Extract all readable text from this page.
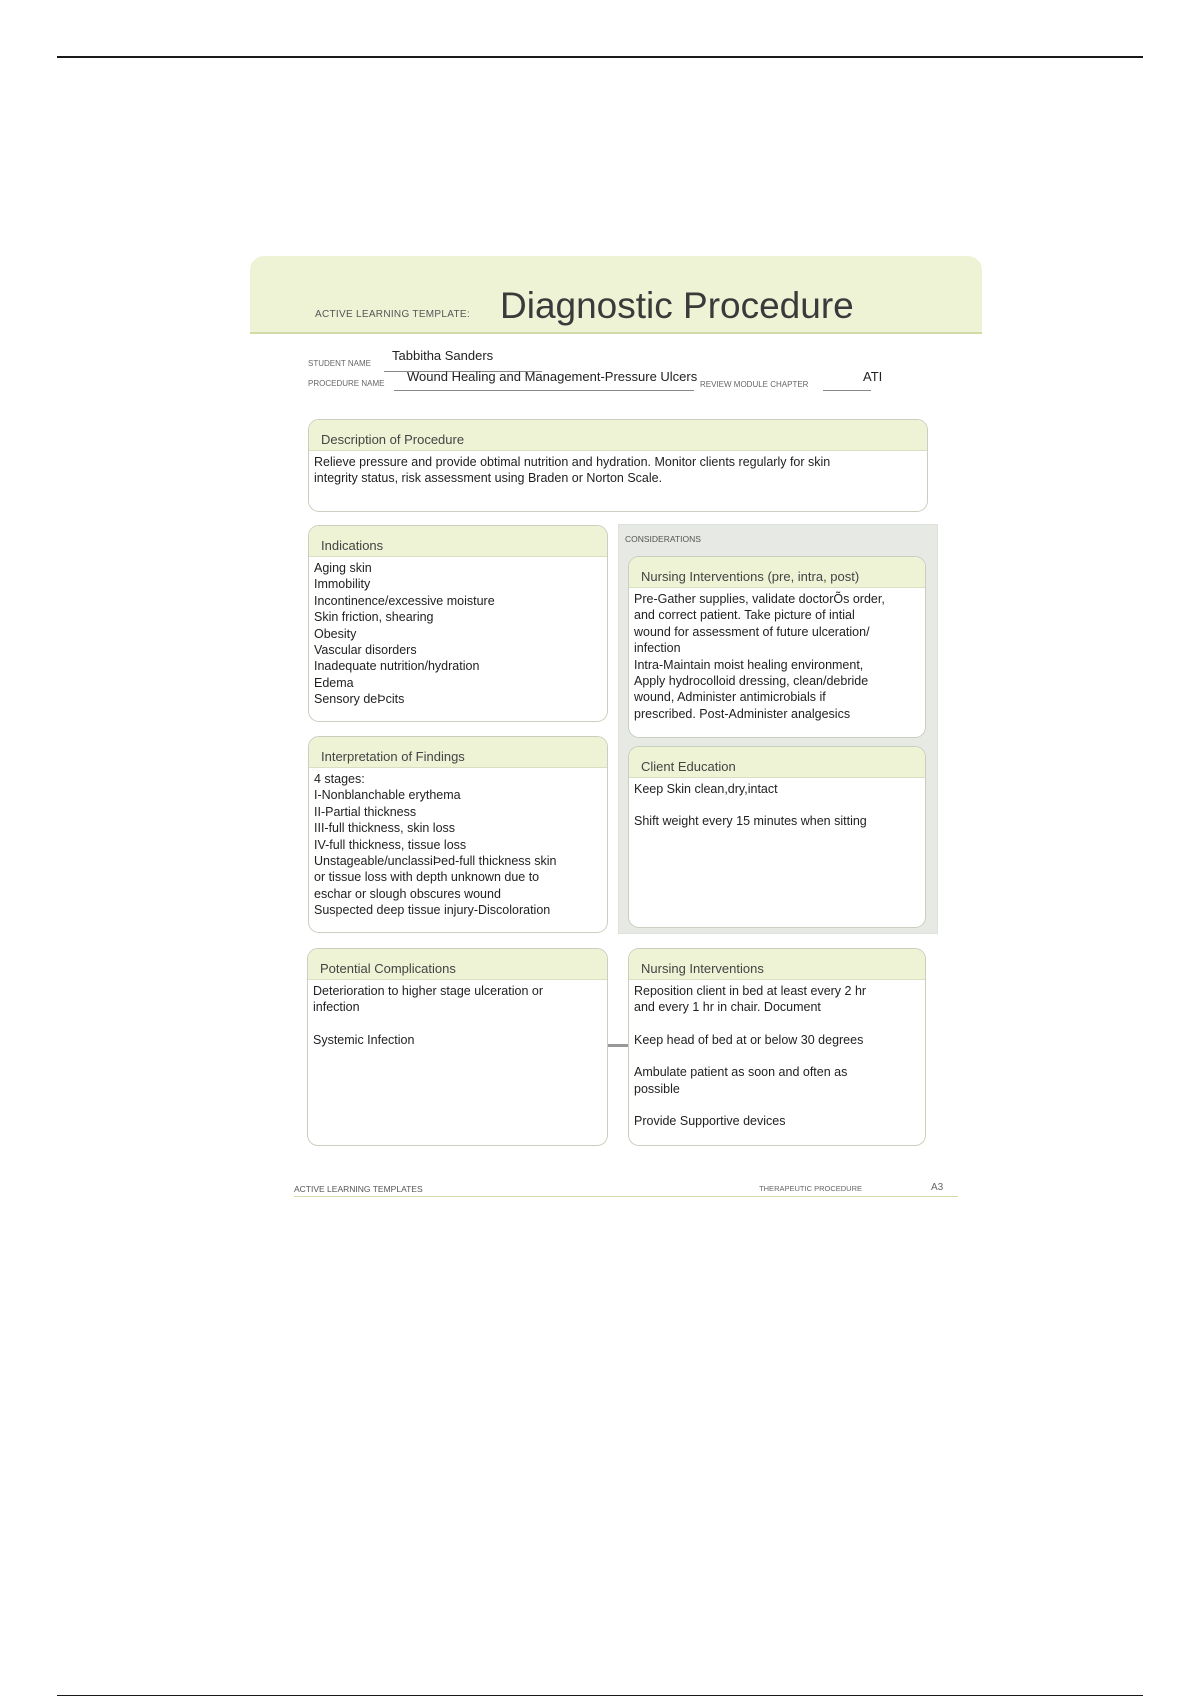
ACTIVE LEARNING TEMPLATE: Diagnostic Procedure
STUDENT NAME
Tabbitha Sanders
PROCEDURE NAME Wound Healing and Management-Pressure Ulcers
REVIEW MODULE CHAPTER
ATI
Description of Procedure
Relieve pressure and provide obtimal nutrition and hydration. Monitor clients regularly for skin
integrity status, risk assessment using Braden or Norton Scale.
Indications
Aging skin
Immobility
Incontinence/excessive moisture
Skin friction, shearing
Obesity
Vascular disorders
Inadequate nutrition/hydration
Edema
Sensory deÞcits
CONSIDERATIONS
Nursing Interventions (pre, intra, post)
Pre-Gather supplies, validate doctorÕs order,
and correct patient. Take picture of intial
wound for assessment of future ulceration/
infection
Intra-Maintain moist healing environment,
Apply hydrocolloid dressing, clean/debride
wound, Administer antimicrobials if
prescribed. Post-Administer analgesics
Interpretation of Findings
4 stages:
I-Nonblanchable erythema
II-Partial thickness
III-full thickness, skin loss
IV-full thickness, tissue loss
Unstageable/unclassiÞed-full thickness skin
or tissue loss with depth unknown due to
eschar or slough obscures wound
Suspected deep tissue injury-Discoloration
Client Education
Keep Skin clean,dry,intact
Shift weight every 15 minutes when sitting
Potential Complications
Deterioration to higher stage ulceration or
infection
Systemic Infection
Nursing Interventions
Reposition client in bed at least every 2 hr
and every 1 hr in chair. Document
Keep head of bed at or below 30 degrees
Ambulate patient as soon and often as
possible
Provide Supportive devices
ACTIVE LEARNING TEMPLATES	THERAPEUTIC PROCEDURE	A3
